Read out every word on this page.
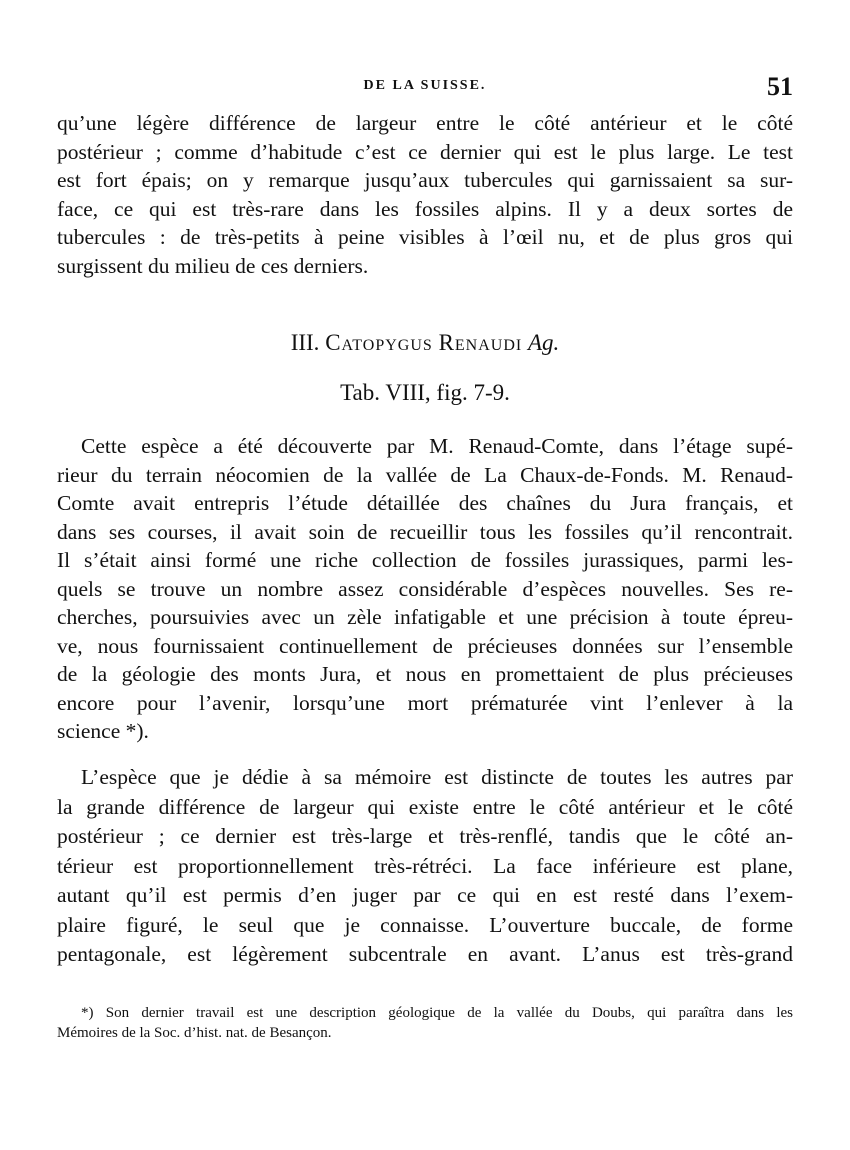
DE LA SUISSE.	51
qu’une légère différence de largeur entre le côté antérieur et le côté
postérieur ; comme d’habitude c’est ce dernier qui est le plus large. Le test
est fort épais; on y remarque jusqu’aux tubercules qui garnissaient sa sur-
face, ce qui est très-rare dans les fossiles alpins. Il y a deux sortes de
tubercules : de très-petits à peine visibles à l’œil nu, et de plus gros qui
surgissent du milieu de ces derniers.
III. Catopygus Renaudi Ag.
Tab. VIII, fig. 7-9.
Cette espèce a été découverte par M. Renaud-Comte, dans l’étage supé-
rieur du terrain néocomien de la vallée de La Chaux-de-Fonds. M. Renaud-
Comte avait entrepris l’étude détaillée des chaînes du Jura français, et
dans ses courses, il avait soin de recueillir tous les fossiles qu’il rencontrait.
Il s’était ainsi formé une riche collection de fossiles jurassiques, parmi les-
quels se trouve un nombre assez considérable d’espèces nouvelles. Ses re-
cherches, poursuivies avec un zèle infatigable et une précision à toute épreu-
ve, nous fournissaient continuellement de précieuses données sur l’ensemble
de la géologie des monts Jura, et nous en promettaient de plus précieuses
encore pour l’avenir, lorsqu’une mort prématurée vint l’enlever à la
science *).
L’espèce que je dédie à sa mémoire est distincte de toutes les autres par
la grande différence de largeur qui existe entre le côté antérieur et le côté
postérieur ; ce dernier est très-large et très-renflé, tandis que le côté an-
térieur est proportionnellement très-rétréci. La face inférieure est plane,
autant qu’il est permis d’en juger par ce qui en est resté dans l’exem-
plaire figuré, le seul que je connaisse. L’ouverture buccale, de forme
pentagonale, est légèrement subcentrale en avant. L’anus est très-grand
*) Son dernier travail est une description géologique de la vallée du Doubs, qui paraîtra dans les
Mémoires de la Soc. d’hist. nat. de Besançon.
